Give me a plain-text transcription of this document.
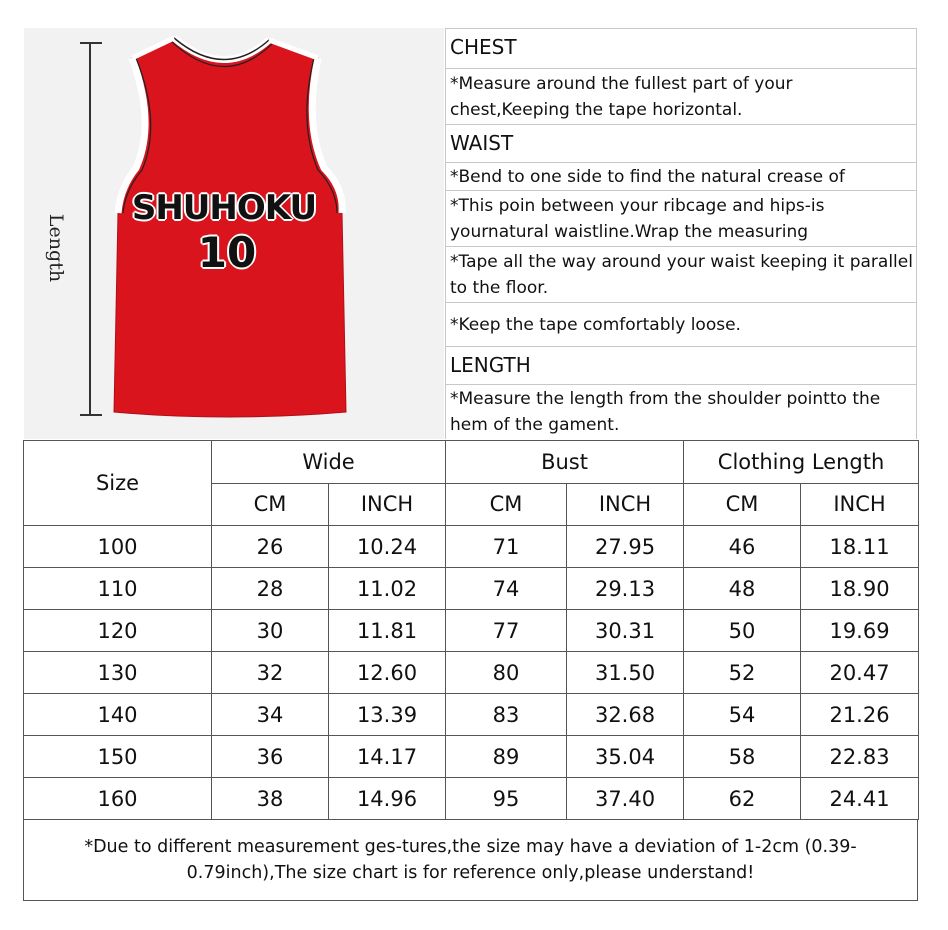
Length
SHUHOKU
10
CHEST
*Measure around the fullest part of your chest,Keeping the tape horizontal.
WAIST
*Bend to one side to find the natural crease of
*This poin between your ribcage and hips-is yournatural waistline.Wrap the measuring
*Tape all the way around your waist keeping it parallel to the floor.
*Keep the tape comfortably loose.
LENGTH
*Measure the length from the shoulder pointto the hem of the gament.
Size	Wide		Bust		Clothing Length	
	CM	INCH	CM	INCH	CM	INCH
100	26	10.24	71	27.95	46	18.11
110	28	11.02	74	29.13	48	18.90
120	30	11.81	77	30.31	50	19.69
130	32	12.60	80	31.50	52	20.47
140	34	13.39	83	32.68	54	21.26
150	36	14.17	89	35.04	58	22.83
160	38	14.96	95	37.40	62	24.41
*Due to different measurement ges-tures,the size may have a deviation of 1-2cm (0.39-0.79inch),The size chart is for reference only,please understand!
